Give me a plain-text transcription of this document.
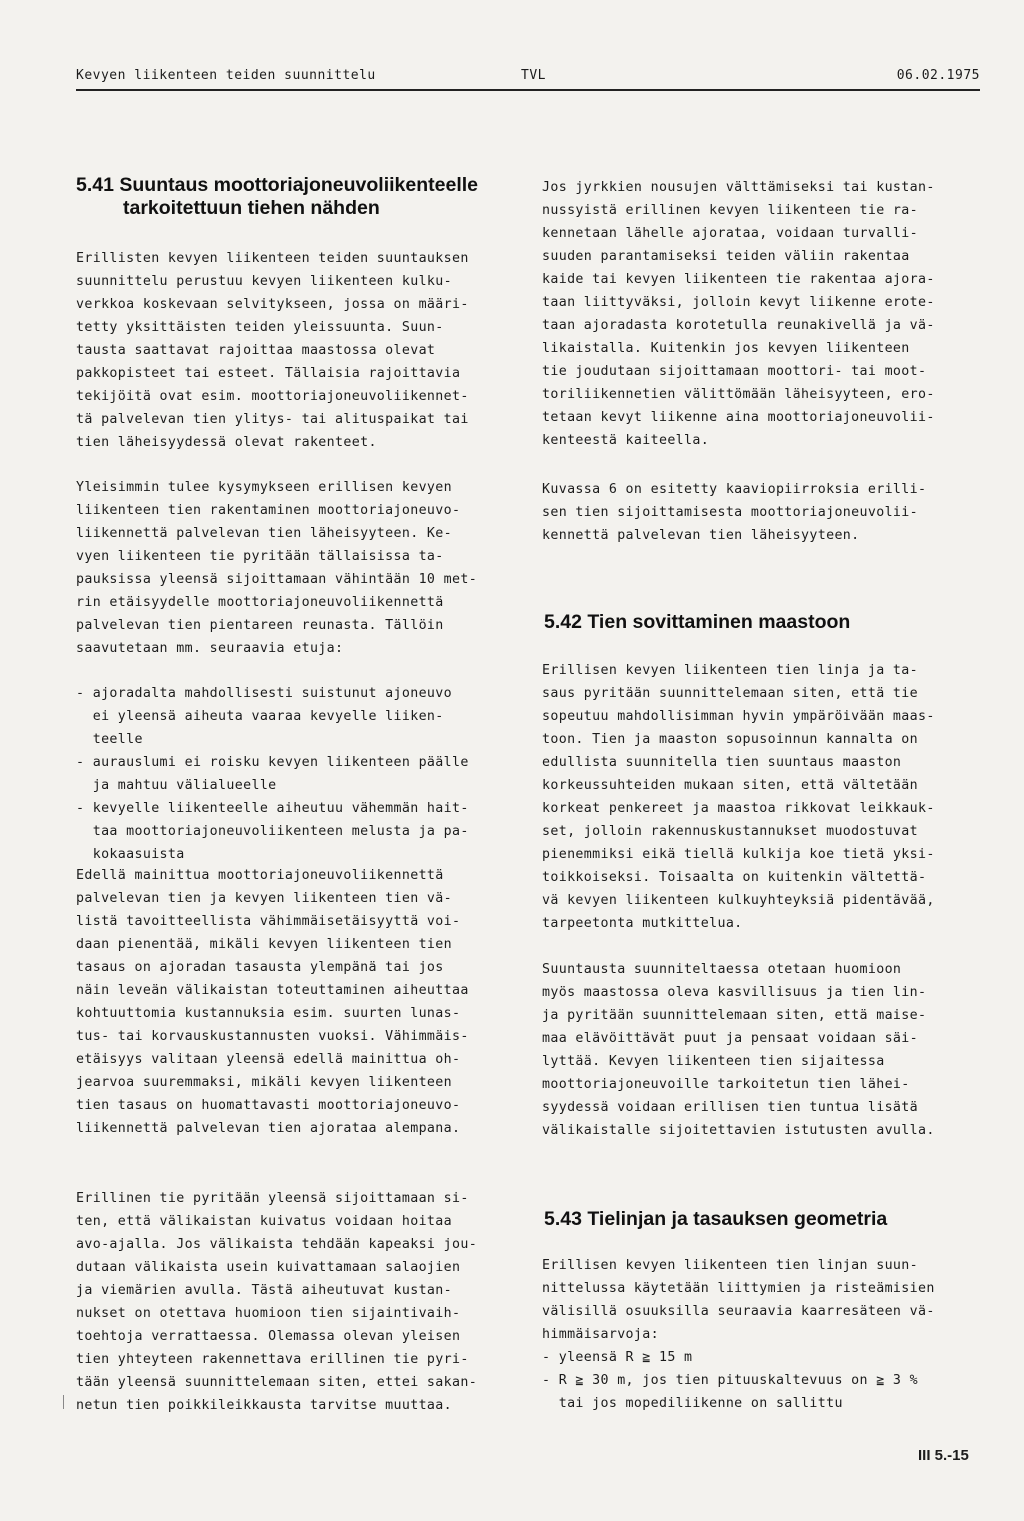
Kevyen liikenteen teiden suunnittelu	TVL	06.02.1975
5.41 Suuntaus moottoriajoneuvoliikenteelle
tarkoitettuun tiehen nähden
5.42 Tien sovittaminen maastoon
5.43 Tielinjan ja tasauksen geometria
Erillisten kevyen liikenteen teiden suuntauksen
suunnittelu perustuu kevyen liikenteen kulku-
verkkoa koskevaan selvitykseen, jossa on määri-
tetty yksittäisten teiden yleissuunta. Suun-
tausta saattavat rajoittaa maastossa olevat
pakkopisteet tai esteet. Tällaisia rajoittavia
tekijöitä ovat esim. moottoriajoneuvoliikennet-
tä palvelevan tien ylitys- tai alituspaikat tai
tien läheisyydessä olevat rakenteet.
Yleisimmin tulee kysymykseen erillisen kevyen
liikenteen tien rakentaminen moottoriajoneuvo-
liikennettä palvelevan tien läheisyyteen. Ke-
vyen liikenteen tie pyritään tällaisissa ta-
pauksissa yleensä sijoittamaan vähintään 10 met-
rin etäisyydelle moottoriajoneuvoliikennettä
palvelevan tien pientareen reunasta. Tällöin
saavutetaan mm. seuraavia etuja:
- ajoradalta mahdollisesti suistunut ajoneuvo
ei yleensä aiheuta vaaraa kevyelle liiken-
teelle
- aurauslumi ei roisku kevyen liikenteen päälle
ja mahtuu välialueelle
- kevyelle liikenteelle aiheutuu vähemmän hait-
taa moottoriajoneuvoliikenteen melusta ja pa-
kokaasuista
Edellä mainittua moottoriajoneuvoliikennettä
palvelevan tien ja kevyen liikenteen tien vä-
listä tavoitteellista vähimmäisetäisyyttä voi-
daan pienentää, mikäli kevyen liikenteen tien
tasaus on ajoradan tasausta ylempänä tai jos
näin leveän välikaistan toteuttaminen aiheuttaa
kohtuuttomia kustannuksia esim. suurten lunas-
tus- tai korvauskustannusten vuoksi. Vähimmäis-
etäisyys valitaan yleensä edellä mainittua oh-
jearvoa suuremmaksi, mikäli kevyen liikenteen
tien tasaus on huomattavasti moottoriajoneuvo-
liikennettä palvelevan tien ajorataa alempana.
Erillinen tie pyritään yleensä sijoittamaan si-
ten, että välikaistan kuivatus voidaan hoitaa
avo-ajalla. Jos välikaista tehdään kapeaksi jou-
dutaan välikaista usein kuivattamaan salaojien
ja viemärien avulla. Tästä aiheutuvat kustan-
nukset on otettava huomioon tien sijaintivaih-
toehtoja verrattaessa. Olemassa olevan yleisen
tien yhteyteen rakennettava erillinen tie pyri-
tään yleensä suunnittelemaan siten, ettei sakan-
netun tien poikkileikkausta tarvitse muuttaa.
Jos jyrkkien nousujen välttämiseksi tai kustan-
nussyistä erillinen kevyen liikenteen tie ra-
kennetaan lähelle ajorataa, voidaan turvalli-
suuden parantamiseksi teiden väliin rakentaa
kaide tai kevyen liikenteen tie rakentaa ajora-
taan liittyväksi, jolloin kevyt liikenne erote-
taan ajoradasta korotetulla reunakivellä ja vä-
likaistalla. Kuitenkin jos kevyen liikenteen
tie joudutaan sijoittamaan moottori- tai moot-
toriliikennetien välittömään läheisyyteen, ero-
tetaan kevyt liikenne aina moottoriajoneuvolii-
kenteestä kaiteella.
Kuvassa 6 on esitetty kaaviopiirroksia erilli-
sen tien sijoittamisesta moottoriajoneuvolii-
kennettä palvelevan tien läheisyyteen.
Erillisen kevyen liikenteen tien linja ja ta-
saus pyritään suunnittelemaan siten, että tie
sopeutuu mahdollisimman hyvin ympäröivään maas-
toon. Tien ja maaston sopusoinnun kannalta on
edullista suunnitella tien suuntaus maaston
korkeussuhteiden mukaan siten, että vältetään
korkeat penkereet ja maastoa rikkovat leikkauk-
set, jolloin rakennuskustannukset muodostuvat
pienemmiksi eikä tiellä kulkija koe tietä yksi-
toikkoiseksi. Toisaalta on kuitenkin vältettä-
vä kevyen liikenteen kulkuyhteyksiä pidentävää,
tarpeetonta mutkittelua.
Suuntausta suunniteltaessa otetaan huomioon
myös maastossa oleva kasvillisuus ja tien lin-
ja pyritään suunnittelemaan siten, että maise-
maa elävöittävät puut ja pensaat voidaan säi-
lyttää. Kevyen liikenteen tien sijaitessa
moottoriajoneuvoille tarkoitetun tien lähei-
syydessä voidaan erillisen tien tuntua lisätä
välikaistalle sijoitettavien istutusten avulla.
Erillisen kevyen liikenteen tien linjan suun-
nittelussa käytetään liittymien ja risteämisien
välisillä osuuksilla seuraavia kaarresäteen vä-
himmäisarvoja:
- yleensä R ≧ 15 m
- R ≧ 30 m, jos tien pituuskaltevuus on ≧ 3 %
tai jos mopediliikenne on sallittu
III 5.-15
